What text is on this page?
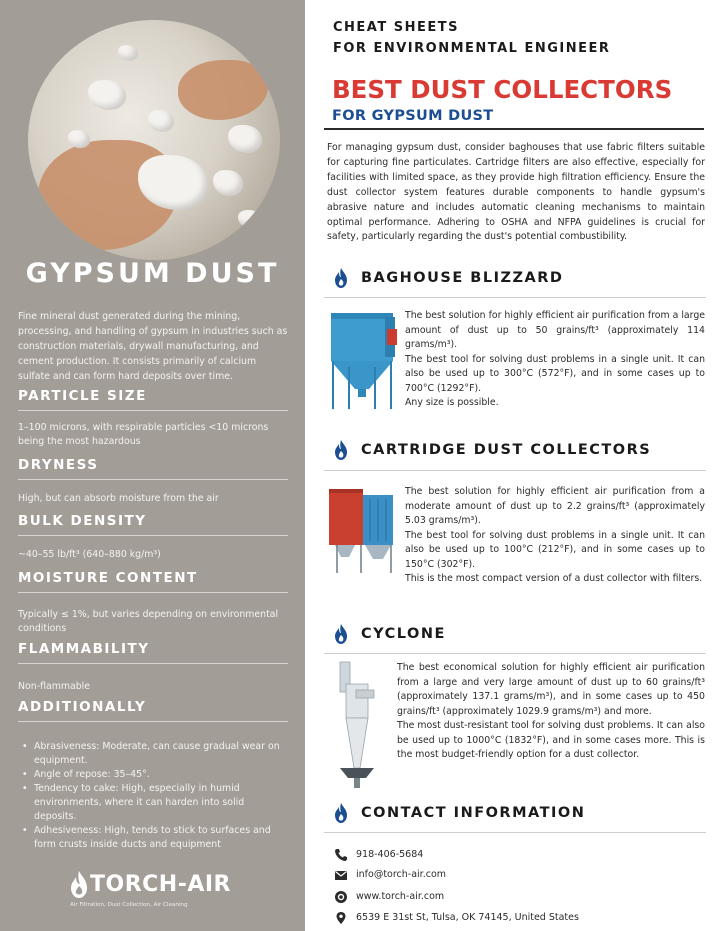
GYPSUM DUST
Fine mineral dust generated during the mining, processing, and handling of gypsum in industries such as construction materials, drywall manufacturing, and cement production. It consists primarily of calcium sulfate and can form hard deposits over time.
PARTICLE SIZE
1–100 microns, with respirable particles <10 microns being the most hazardous
DRYNESS
High, but can absorb moisture from the air
BULK DENSITY
~40–55 lb/ft³ (640–880 kg/m³)
MOISTURE CONTENT
Typically ≤ 1%, but varies depending on environmental conditions
FLAMMABILITY
Non-flammable
ADDITIONALLY
• Abrasiveness: Moderate, can cause gradual wear on equipment.
• Angle of repose: 35–45°.
• Tendency to cake: High, especially in humid environments, where it can harden into solid deposits.
• Adhesiveness: High, tends to stick to surfaces and form crusts inside ducts and equipment
TORCH-AIR
Air Filtration, Dust Collection, Air Cleaning
CHEAT SHEETS
FOR ENVIRONMENTAL ENGINEER
BEST DUST COLLECTORS
FOR GYPSUM DUST
For managing gypsum dust, consider baghouses that use fabric filters suitable for capturing fine particulates. Cartridge filters are also effective, especially for facilities with limited space, as they provide high filtration efficiency. Ensure the dust collector system features durable components to handle gypsum's abrasive nature and includes automatic cleaning mechanisms to maintain optimal performance. Adhering to OSHA and NFPA guidelines is crucial for safety, particularly regarding the dust's potential combustibility.
BAGHOUSE BLIZZARD

The best solution for highly efficient air purification from a large amount of dust up to 50 grains/ft³ (approximately 114 grams/m³).

The best tool for solving dust problems in a single unit. It can also be used up to 300°C (572°F), and in some cases up to 700°C (1292°F).

Any size is possible.

CARTRIDGE DUST COLLECTORS

The best solution for highly efficient air purification from a moderate amount of dust up to 2.2 grains/ft³ (approximately 5.03 grams/m³).

The best tool for solving dust problems in a single unit. It can also be used up to 100°C (212°F), and in some cases up to 150°C (302°F).

This is the most compact version of a dust collector with filters.

CYCLONE

The best economical solution for highly efficient air purification from a large and very large amount of dust up to 60 grains/ft³ (approximately 137.1 grams/m³), and in some cases up to 450 grains/ft³ (approximately 1029.9 grams/m³) and more.

The most dust-resistant tool for solving dust problems. It can also be used up to 1000°C (1832°F), and in some cases more. This is the most budget-friendly option for a dust collector.

CONTACT INFORMATION
918-406-5684
info@torch-air.com
www.torch-air.com
6539 E 31st St, Tulsa, OK 74145, United States
